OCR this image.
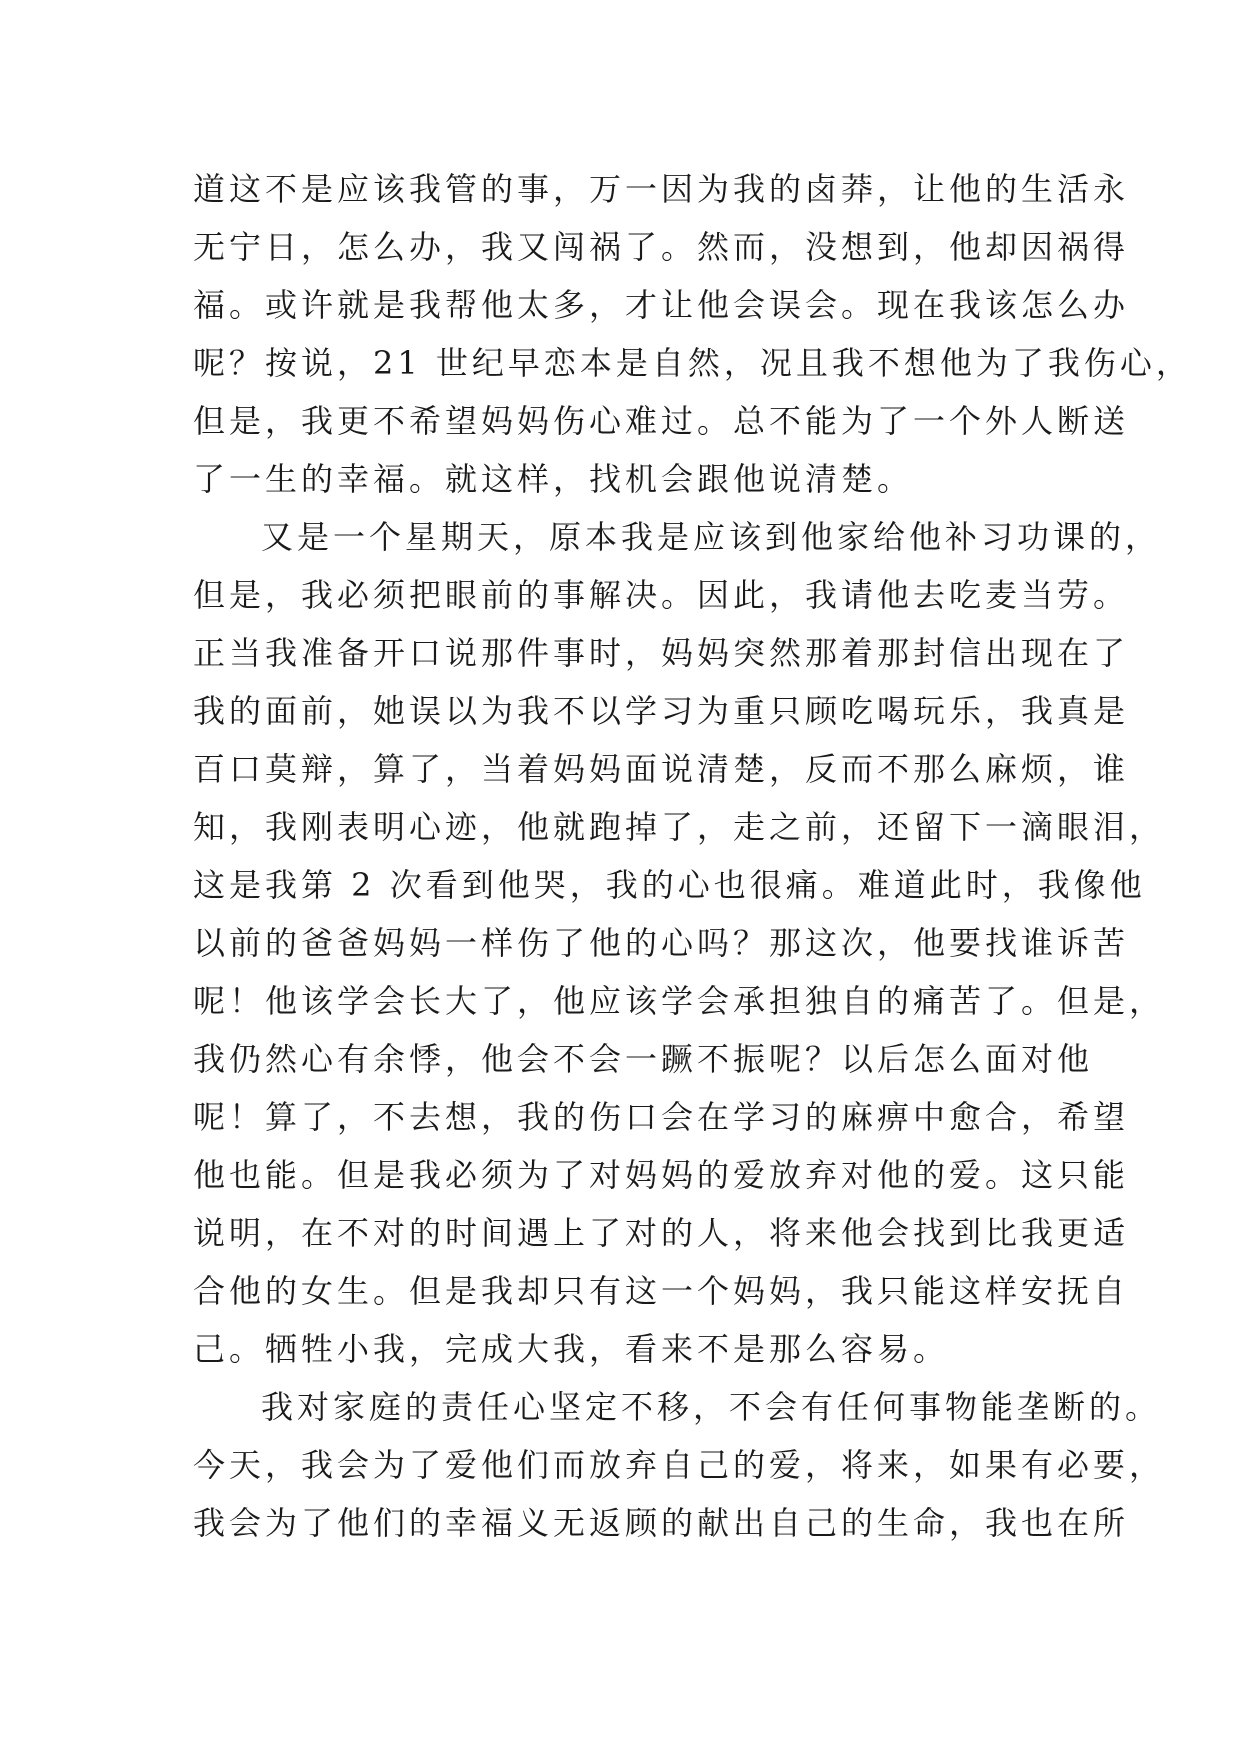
道这不是应该我管的事，万一因为我的卤莽，让他的生活永
无宁日，怎么办，我又闯祸了。然而，没想到，他却因祸得
福。或许就是我帮他太多，才让他会误会。现在我该怎么办
呢？按说，21 世纪早恋本是自然，况且我不想他为了我伤心，
但是，我更不希望妈妈伤心难过。总不能为了一个外人断送
了一生的幸福。就这样，找机会跟他说清楚。
又是一个星期天，原本我是应该到他家给他补习功课的，
但是，我必须把眼前的事解决。因此，我请他去吃麦当劳。
正当我准备开口说那件事时，妈妈突然那着那封信出现在了
我的面前，她误以为我不以学习为重只顾吃喝玩乐，我真是
百口莫辩，算了，当着妈妈面说清楚，反而不那么麻烦，谁
知，我刚表明心迹，他就跑掉了，走之前，还留下一滴眼泪，
这是我第 2 次看到他哭，我的心也很痛。难道此时，我像他
以前的爸爸妈妈一样伤了他的心吗？那这次，他要找谁诉苦
呢！他该学会长大了，他应该学会承担独自的痛苦了。但是，
我仍然心有余悸，他会不会一蹶不振呢？以后怎么面对他
呢！算了，不去想，我的伤口会在学习的麻痹中愈合，希望
他也能。但是我必须为了对妈妈的爱放弃对他的爱。这只能
说明，在不对的时间遇上了对的人，将来他会找到比我更适
合他的女生。但是我却只有这一个妈妈，我只能这样安抚自
己。牺牲小我，完成大我，看来不是那么容易。
我对家庭的责任心坚定不移，不会有任何事物能垄断的。
今天，我会为了爱他们而放弃自己的爱，将来，如果有必要，
我会为了他们的幸福义无返顾的献出自己的生命，我也在所
